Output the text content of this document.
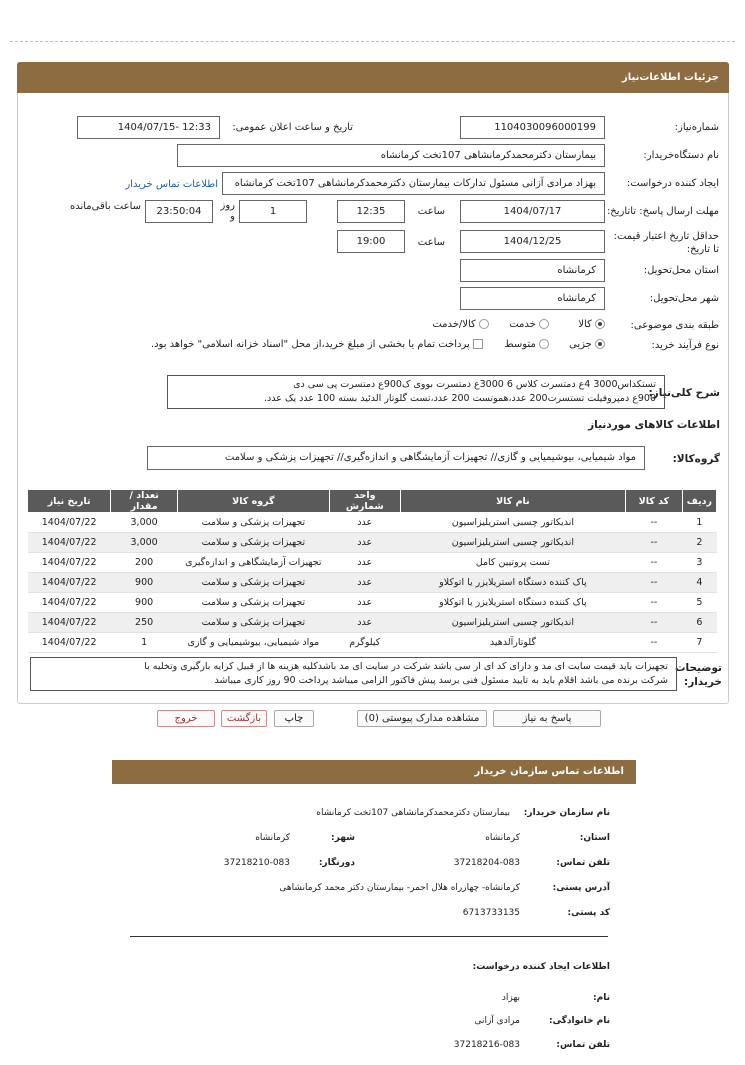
جزئیات اطلاعات‌نیاز
شماره‌نیاز:
1104030096000199
تاریخ و ساعت اعلان عمومی:
1404/07/15- 12:33
نام دستگاه‌خریدار:
بیمارستان دکترمحمدکرمانشاهی 107تخت کرمانشاه
ایجاد کننده درخواست:
بهزاد مرادی آزانی مسئول تدارکات بیمارستان دکترمحمدکرمانشاهی 107تخت کرمانشاه
اطلاعات تماس خریدار
مهلت ارسال پاسخ: تاتاریخ:
1404/07/17
ساعت
12:35
1
روز و
23:50:04
ساعت باقی‌مانده
حداقل تاریخ اعتبار قیمت: تا تاریخ:
1404/12/25
ساعت
19:00
استان محل‌تحویل:
کرمانشاه
شهر محل‌تحویل:
کرمانشاه
طبقه بندی موضوعی:
کالا
خدمت
کالا/خدمت
نوع فرآیند خرید:
جزیی
متوسط
پرداخت تمام یا بخشی از مبلغ خرید،از محل "اسناد خزانه اسلامی" خواهد بود.
شرح کلی‌نیاز:
تستکداس3000 4ع دمتسرت کلاس 6 3000ع دمتسرت بووی ک900ع دمتسرت پی سی دی
900ع دمپروفیلت تستسرت200 عدد،هموتست 200 عدد،تست گلوتار الدئید بسته 100 عدد یک عدد.
اطلاعات کالاهای موردنیاز
گروه‌کالا:
مواد شیمیایی، بیوشیمیایی و گازی// تجهیزات آزمایشگاهی و اندازه‌گیری// تجهیزات پزشکی و سلامت
ردیف	کد کالا	نام کالا	واحد شمارش	گروه کالا	تعداد / مقدار	تاریخ نیاز
1	--	اندیکاتور چسبی استریلیزاسیون	عدد	تجهیزات پزشکی و سلامت	3,000	1404/07/22
2	--	اندیکاتور چسبی استریلیزاسیون	عدد	تجهیزات پزشکی و سلامت	3,000	1404/07/22
3	--	تست پروتیین کامل	عدد	تجهیزات آزمایشگاهی و اندازه‌گیری	200	1404/07/22
4	--	پاک کننده دستگاه استریلایزر یا اتوکلاو	عدد	تجهیزات پزشکی و سلامت	900	1404/07/22
5	--	پاک کننده دستگاه استریلایزر یا اتوکلاو	عدد	تجهیزات پزشکی و سلامت	900	1404/07/22
6	--	اندیکاتور چسبی استریلیزاسیون	عدد	تجهیزات پزشکی و سلامت	250	1404/07/22
7	--	گلوتارآلدهید	کیلوگرم	مواد شیمیایی، بیوشیمیایی و گازی	1	1404/07/22
توضیحات خریدار:
تجهیزات باید قیمت سایت ای مد و دارای کد ای ار سی باشد شرکت در سایت ای مد باشدکلیه هزینه ها از قبیل کرایه بارگیری وتخلیه با
شرکت برنده می باشد اقلام باید به تایید مسئول فنی برسد پیش فاکتور الزامی میباشد پرداخت 90 روز کاری میباشد
پاسخ به نیاز
مشاهده مدارک پیوستی (0)
چاپ
بازگشت
خروج
اطلاعات تماس سازمان خریدار
نام سازمان خریدار:
بیمارستان دکترمحمدکرمانشاهی 107تخت کرمانشاه
استان:
کرمانشاه
شهر:
کرمانشاه
تلفن تماس:
37218204-083
دورنگار:
37218210-083
آدرس پستی:
کرمانشاه- چهارراه هلال احمر- بیمارستان دکتر محمد کرمانشاهی
کد پستی:
6713733135
اطلاعات ایجاد کننده درخواست:
نام:
بهزاد
نام خانوادگی:
مرادی آزانی
تلفن تماس:
37218216-083
